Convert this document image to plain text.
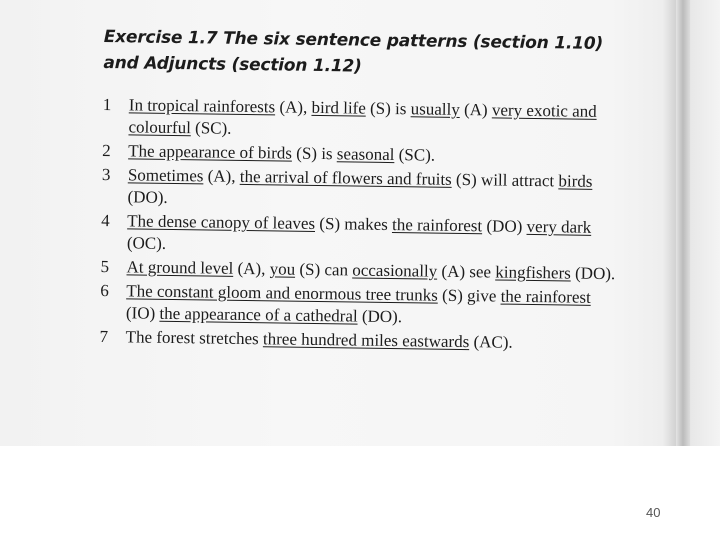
Exercise 1.7 The six sentence patterns (section 1.10) and Adjuncts (section 1.12)
1	In tropical rainforests (A), bird life (S) is usually (A) very exotic and colourful (SC).
2	The appearance of birds (S) is seasonal (SC).
3	Sometimes (A), the arrival of flowers and fruits (S) will attract birds (DO).
4	The dense canopy of leaves (S) makes the rainforest (DO) very dark (OC).
5	At ground level (A), you (S) can occasionally (A) see kingfishers (DO).
6	The constant gloom and enormous tree trunks (S) give the rainforest (IO) the appearance of a cathedral (DO).
7	The forest stretches three hundred miles eastwards (AC).
40
